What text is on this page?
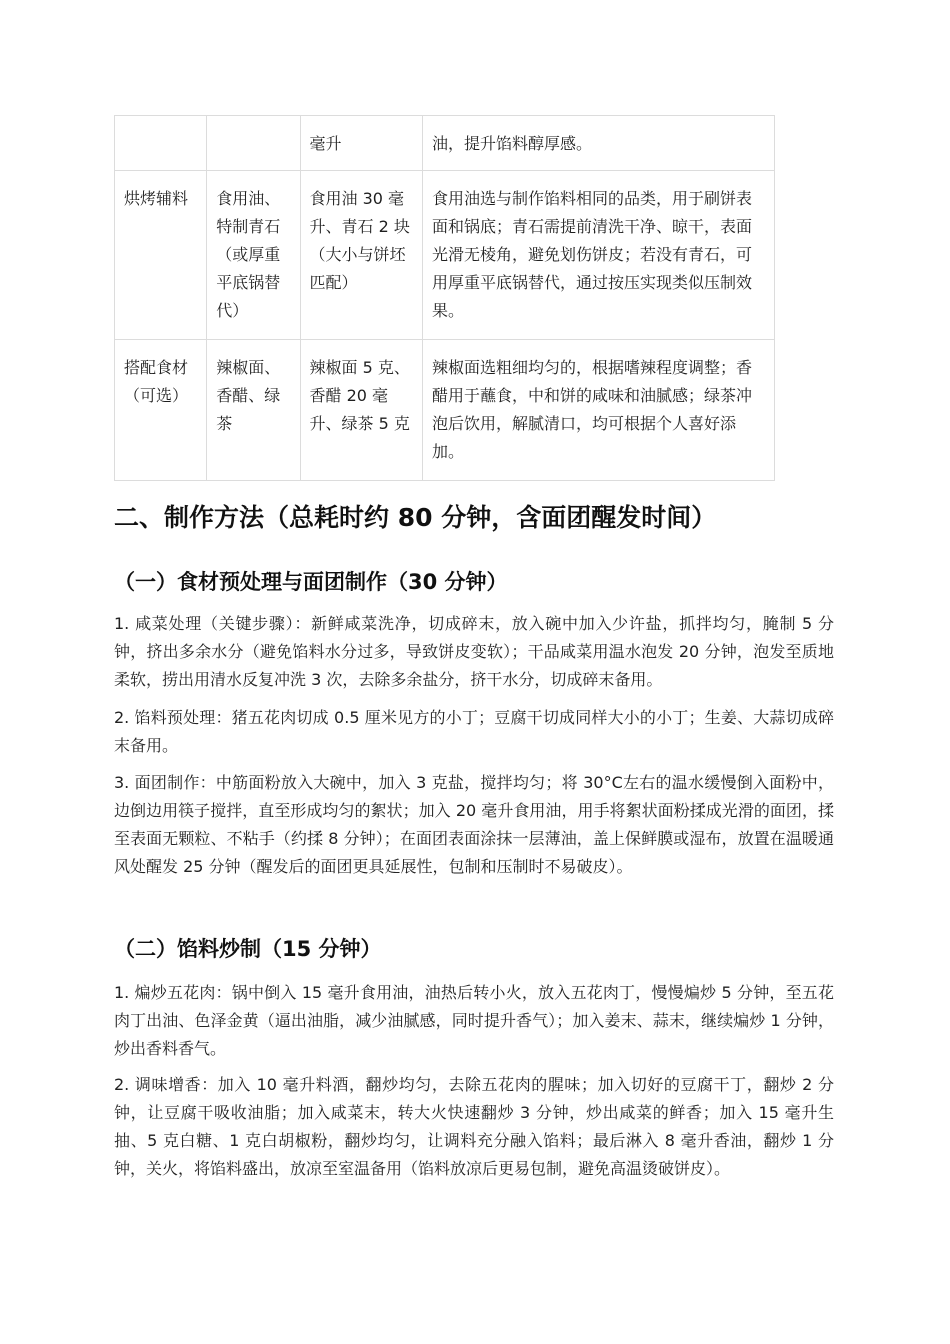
		毫升	油，提升馅料醇厚感。
烘烤辅料	食用油、特制青石（或厚重平底锅替代）	食用油 30 毫升、青石 2 块（大小与饼坯匹配）	食用油选与制作馅料相同的品类，用于刷饼表面和锅底；青石需提前清洗干净、晾干，表面光滑无棱角，避免划伤饼皮；若没有青石，可用厚重平底锅替代，通过按压实现类似压制效果。
搭配食材（可选）	辣椒面、香醋、绿茶	辣椒面 5 克、香醋 20 毫升、绿茶 5 克	辣椒面选粗细均匀的，根据嗜辣程度调整；香醋用于蘸食，中和饼的咸味和油腻感；绿茶冲泡后饮用，解腻清口，均可根据个人喜好添加。
二、制作方法（总耗时约 80 分钟，含面团醒发时间）
（一）食材预处理与面团制作（30 分钟）

1. 咸菜处理（关键步骤）：新鲜咸菜洗净，切成碎末，放入碗中加入少许盐，抓拌均匀，腌制 5 分钟，挤出多余水分（避免馅料水分过多，导致饼皮变软）；干品咸菜用温水泡发 20 分钟，泡发至质地柔软，捞出用清水反复冲洗 3 次，去除多余盐分，挤干水分，切成碎末备用。

2. 馅料预处理：猪五花肉切成 0.5 厘米见方的小丁；豆腐干切成同样大小的小丁；生姜、大蒜切成碎末备用。

3. 面团制作：中筋面粉放入大碗中，加入 3 克盐，搅拌均匀；将 30°C左右的温水缓慢倒入面粉中，边倒边用筷子搅拌，直至形成均匀的絮状；加入 20 毫升食用油，用手将絮状面粉揉成光滑的面团，揉至表面无颗粒、不粘手（约揉 8 分钟）；在面团表面涂抹一层薄油，盖上保鲜膜或湿布，放置在温暖通风处醒发 25 分钟（醒发后的面团更具延展性，包制和压制时不易破皮）。

（二）馅料炒制（15 分钟）

1. 煸炒五花肉：锅中倒入 15 毫升食用油，油热后转小火，放入五花肉丁，慢慢煸炒 5 分钟，至五花肉丁出油、色泽金黄（逼出油脂，减少油腻感，同时提升香气）；加入姜末、蒜末，继续煸炒 1 分钟，炒出香料香气。

2. 调味增香：加入 10 毫升料酒，翻炒均匀，去除五花肉的腥味；加入切好的豆腐干丁，翻炒 2 分钟，让豆腐干吸收油脂；加入咸菜末，转大火快速翻炒 3 分钟，炒出咸菜的鲜香；加入 15 毫升生抽、5 克白糖、1 克白胡椒粉，翻炒均匀，让调料充分融入馅料；最后淋入 8 毫升香油，翻炒 1 分钟，关火，将馅料盛出，放凉至室温备用（馅料放凉后更易包制，避免高温烫破饼皮）。
